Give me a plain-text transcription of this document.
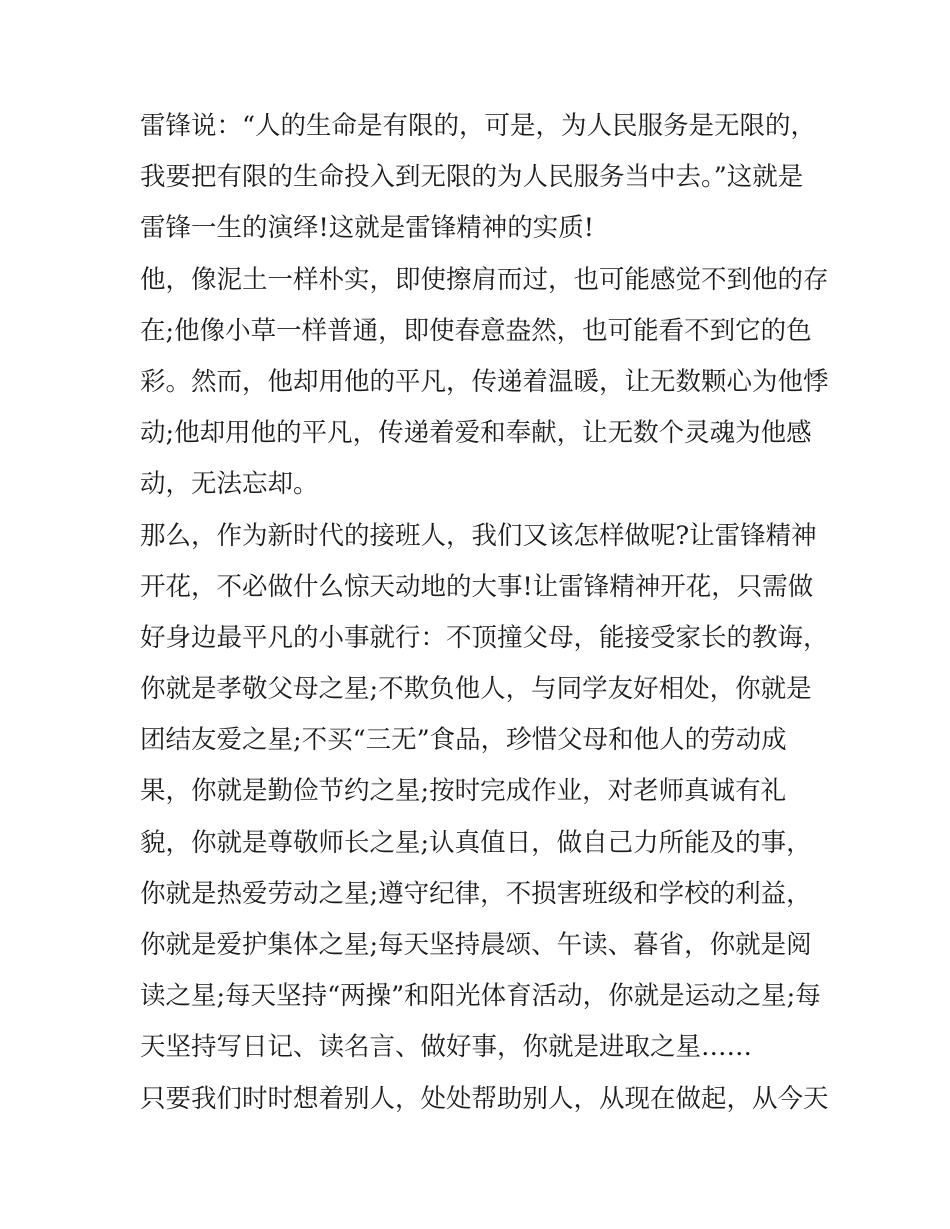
雷锋说：“人的生命是有限的，可是，为人民服务是无限的，
我要把有限的生命投入到无限的为人民服务当中去。”这就是
雷锋一生的演绎!这就是雷锋精神的实质!
他，像泥土一样朴实，即使擦肩而过，也可能感觉不到他的存
在;他像小草一样普通，即使春意盎然，也可能看不到它的色
彩。然而，他却用他的平凡，传递着温暖，让无数颗心为他悸
动;他却用他的平凡，传递着爱和奉献，让无数个灵魂为他感
动，无法忘却。
那么，作为新时代的接班人，我们又该怎样做呢?让雷锋精神
开花，不必做什么惊天动地的大事!让雷锋精神开花，只需做
好身边最平凡的小事就行：不顶撞父母，能接受家长的教诲，
你就是孝敬父母之星;不欺负他人，与同学友好相处，你就是
团结友爱之星;不买“三无”食品，珍惜父母和他人的劳动成
果，你就是勤俭节约之星;按时完成作业，对老师真诚有礼
貌，你就是尊敬师长之星;认真值日，做自己力所能及的事，
你就是热爱劳动之星;遵守纪律，不损害班级和学校的利益，
你就是爱护集体之星;每天坚持晨颂、午读、暮省，你就是阅
读之星;每天坚持“两操”和阳光体育活动，你就是运动之星;每
天坚持写日记、读名言、做好事，你就是进取之星……
只要我们时时想着别人，处处帮助别人，从现在做起，从今天
